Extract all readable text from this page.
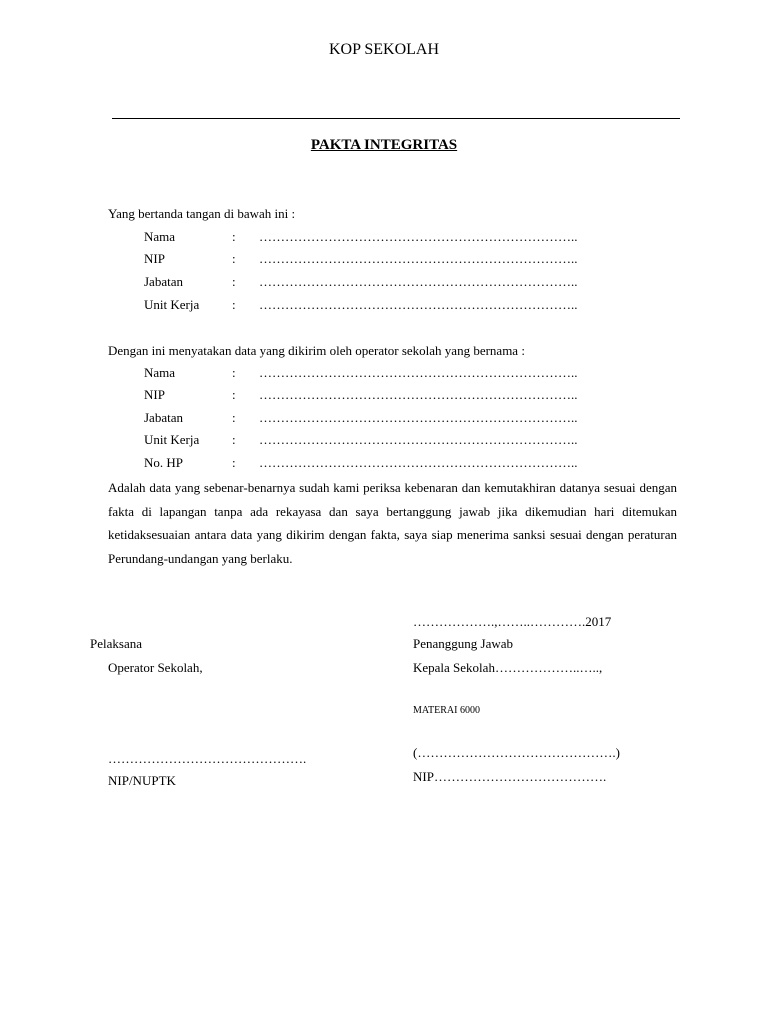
KOP SEKOLAH
PAKTA INTEGRITAS
Yang bertanda tangan di bawah ini :
Nama	: ………………………………………………………………..
NIP	: ………………………………………………………………..
Jabatan	: ………………………………………………………………..
Unit Kerja	: ………………………………………………………………..
Dengan ini menyatakan data yang dikirim oleh operator sekolah yang bernama :
Nama	: ………………………………………………………………..
NIP	: ………………………………………………………………..
Jabatan	: ………………………………………………………………..
Unit Kerja	: ………………………………………………………………..
No. HP	: ………………………………………………………………..
Adalah data yang sebenar-benarnya sudah kami periksa kebenaran dan kemutakhiran datanya sesuai dengan fakta di lapangan tanpa ada rekayasa dan saya bertanggung jawab jika dikemudian hari ditemukan ketidaksesuaian antara data yang dikirim dengan fakta, saya siap menerima sanksi sesuai dengan peraturan Perundang-undangan yang berlaku.
……………….,……..………….2017
Pelaksana	Penanggung Jawab
Operator Sekolah,	Kepala Sekolah………………..…..,
MATERAI 6000
……………………………………….	(……………………………………….)
NIP/NUPTK	NIP………………………………….
